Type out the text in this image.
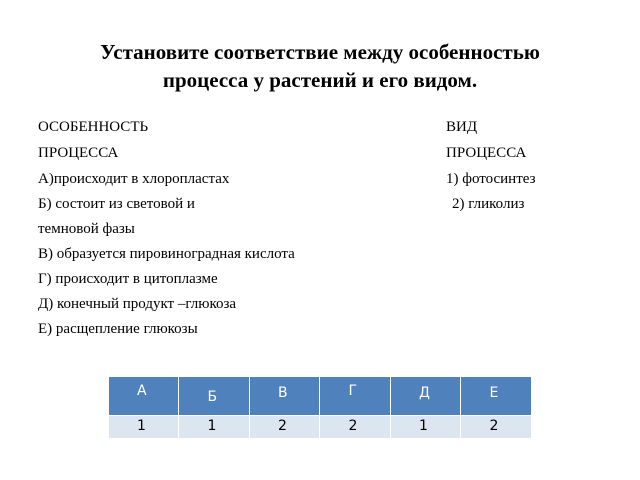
Установите соответствие между особенностью
процесса у растений и его видом.
ОСОБЕННОСТЬ	ВИД
ПРОЦЕССА	ПРОЦЕССА
А)происходит в хлоропластах	1) фотосинтез
Б) состоит из световой и	2) гликолиз
темновой фазы
В) образуется пировиноградная кислота
Г) происходит в цитоплазме
Д) конечный продукт –глюкоза
Е) расщепление глюкозы
А	Б	В	Г	Д	Е

1	1	2	2	1	2
